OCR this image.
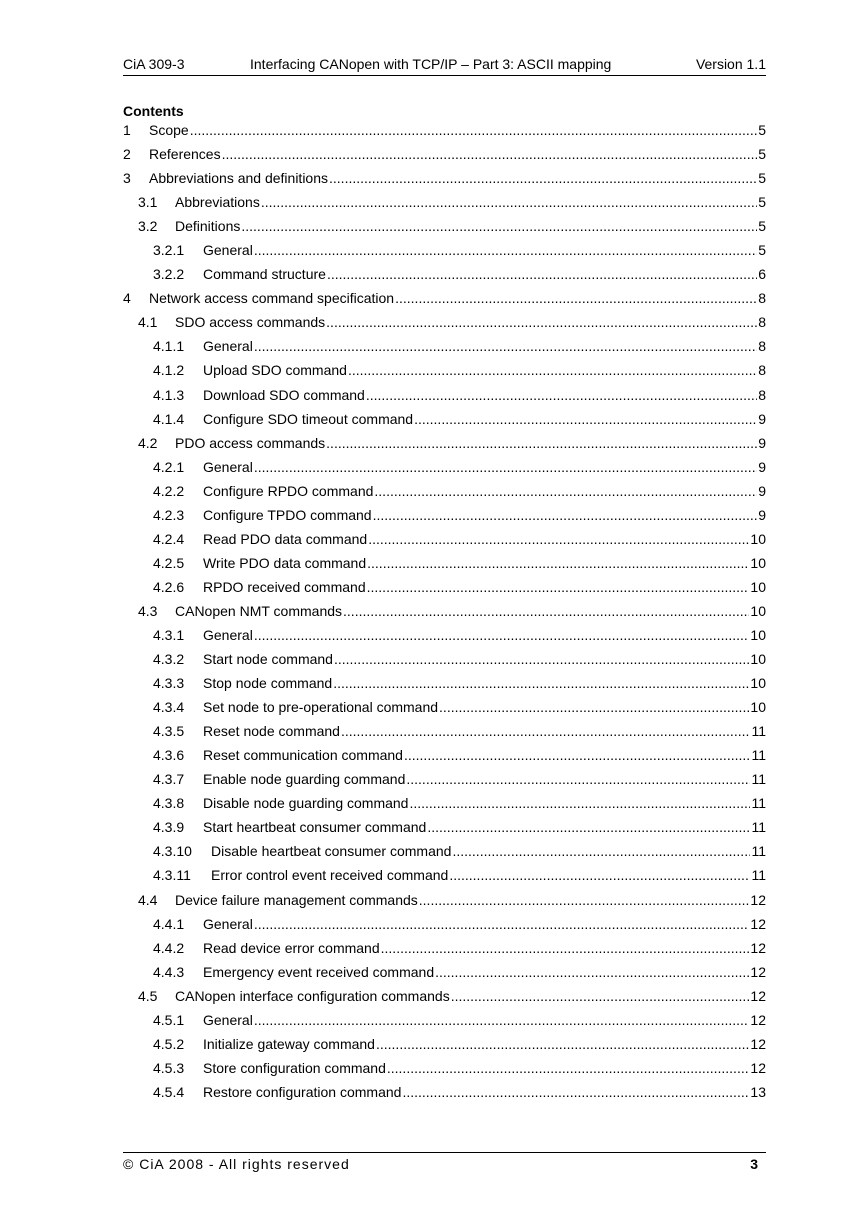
CiA 309-3	Interfacing CANopen with TCP/IP – Part 3: ASCII mapping	Version 1.1
Contents
1	Scope .....	5
2	References .....	5
3	Abbreviations and definitions .....	5
3.1	Abbreviations .....	5
3.2	Definitions .....	5
3.2.1	General .....	5
3.2.2	Command structure .....	6
4	Network access command specification .....	8
4.1	SDO access commands .....	8
4.1.1	General .....	8
4.1.2	Upload SDO command .....	8
4.1.3	Download SDO command .....	8
4.1.4	Configure SDO timeout command .....	9
4.2	PDO access commands .....	9
4.2.1	General .....	9
4.2.2	Configure RPDO command .....	9
4.2.3	Configure TPDO command .....	9
4.2.4	Read PDO data command .....	10
4.2.5	Write PDO data command .....	10
4.2.6	RPDO received command .....	10
4.3	CANopen NMT commands .....	10
4.3.1	General .....	10
4.3.2	Start node command .....	10
4.3.3	Stop node command .....	10
4.3.4	Set node to pre-operational command .....	10
4.3.5	Reset node command .....	11
4.3.6	Reset communication command .....	11
4.3.7	Enable node guarding command .....	11
4.3.8	Disable node guarding command .....	11
4.3.9	Start heartbeat consumer command .....	11
4.3.10	Disable heartbeat consumer command .....	11
4.3.11	Error control event received command .....	11
4.4	Device failure management commands .....	12
4.4.1	General .....	12
4.4.2	Read device error command .....	12
4.4.3	Emergency event received command .....	12
4.5	CANopen interface configuration commands .....	12
4.5.1	General .....	12
4.5.2	Initialize gateway command .....	12
4.5.3	Store configuration command .....	12
4.5.4	Restore configuration command .....	13
© CiA 2008 - All rights reserved	3
